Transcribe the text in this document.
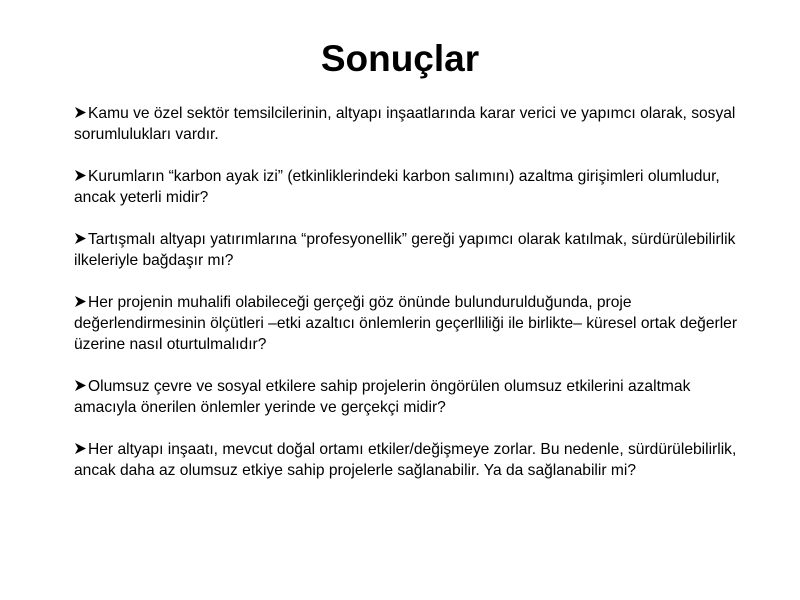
Sonuçlar
Kamu ve özel sektör temsilcilerinin, altyapı inşaatlarında karar verici ve yapımcı olarak, sosyal sorumlulukları vardır.
Kurumların “karbon ayak izi” (etkinliklerindeki karbon salımını) azaltma girişimleri olumludur, ancak yeterli midir?
Tartışmalı altyapı yatırımlarına “profesyonellik” gereği yapımcı olarak katılmak, sürdürülebilirlik ilkeleriyle bağdaşır mı?
Her projenin muhalifi olabileceği gerçeği göz önünde bulundurulduğunda, proje değerlendirmesinin ölçütleri –etki azaltıcı önlemlerin geçerlliliği ile birlikte– küresel ortak değerler üzerine nasıl oturtulmalıdır?
Olumsuz çevre ve sosyal etkilere sahip projelerin öngörülen olumsuz etkilerini azaltmak amacıyla önerilen önlemler yerinde ve gerçekçi midir?
Her altyapı inşaatı, mevcut doğal ortamı etkiler/değişmeye zorlar. Bu nedenle, sürdürülebilirlik, ancak daha az olumsuz etkiye sahip projelerle sağlanabilir. Ya da sağlanabilir mi?
